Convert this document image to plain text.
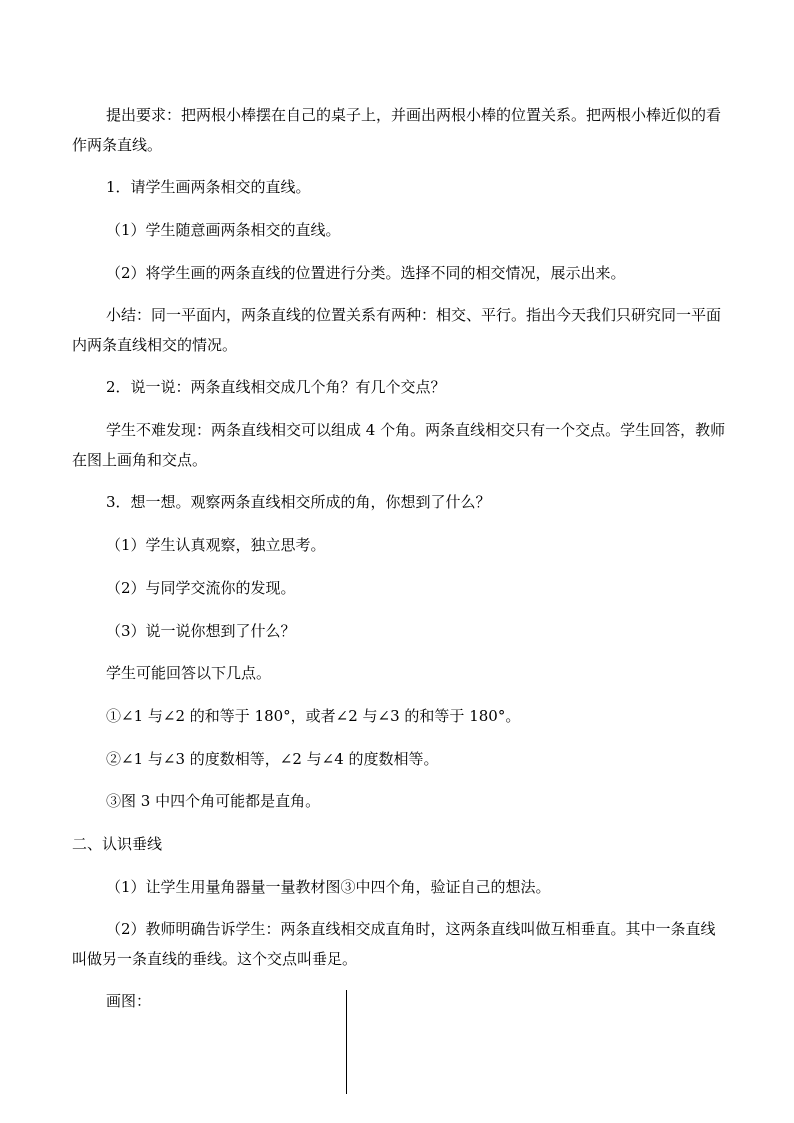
提出要求：把两根小棒摆在自己的桌子上，并画出两根小棒的位置关系。把两根小棒近似的看作两条直线。

1．请学生画两条相交的直线。

（1）学生随意画两条相交的直线。

（2）将学生画的两条直线的位置进行分类。选择不同的相交情况，展示出来。

小结：同一平面内，两条直线的位置关系有两种：相交、平行。指出今天我们只研究同一平面内两条直线相交的情况。

2．说一说：两条直线相交成几个角？有几个交点？

学生不难发现：两条直线相交可以组成 4 个角。两条直线相交只有一个交点。学生回答，教师在图上画角和交点。

3．想一想。观察两条直线相交所成的角，你想到了什么？

（1）学生认真观察，独立思考。

（2）与同学交流你的发现。

（3）说一说你想到了什么？

学生可能回答以下几点。

①∠1 与∠2 的和等于 180°，或者∠2 与∠3 的和等于 180°。

②∠1 与∠3 的度数相等，∠2 与∠4 的度数相等。

③图 3 中四个角可能都是直角。

二、认识垂线

（1）让学生用量角器量一量教材图③中四个角，验证自己的想法。

（2）教师明确告诉学生：两条直线相交成直角时，这两条直线叫做互相垂直。其中一条直线叫做另一条直线的垂线。这个交点叫垂足。

画图：
